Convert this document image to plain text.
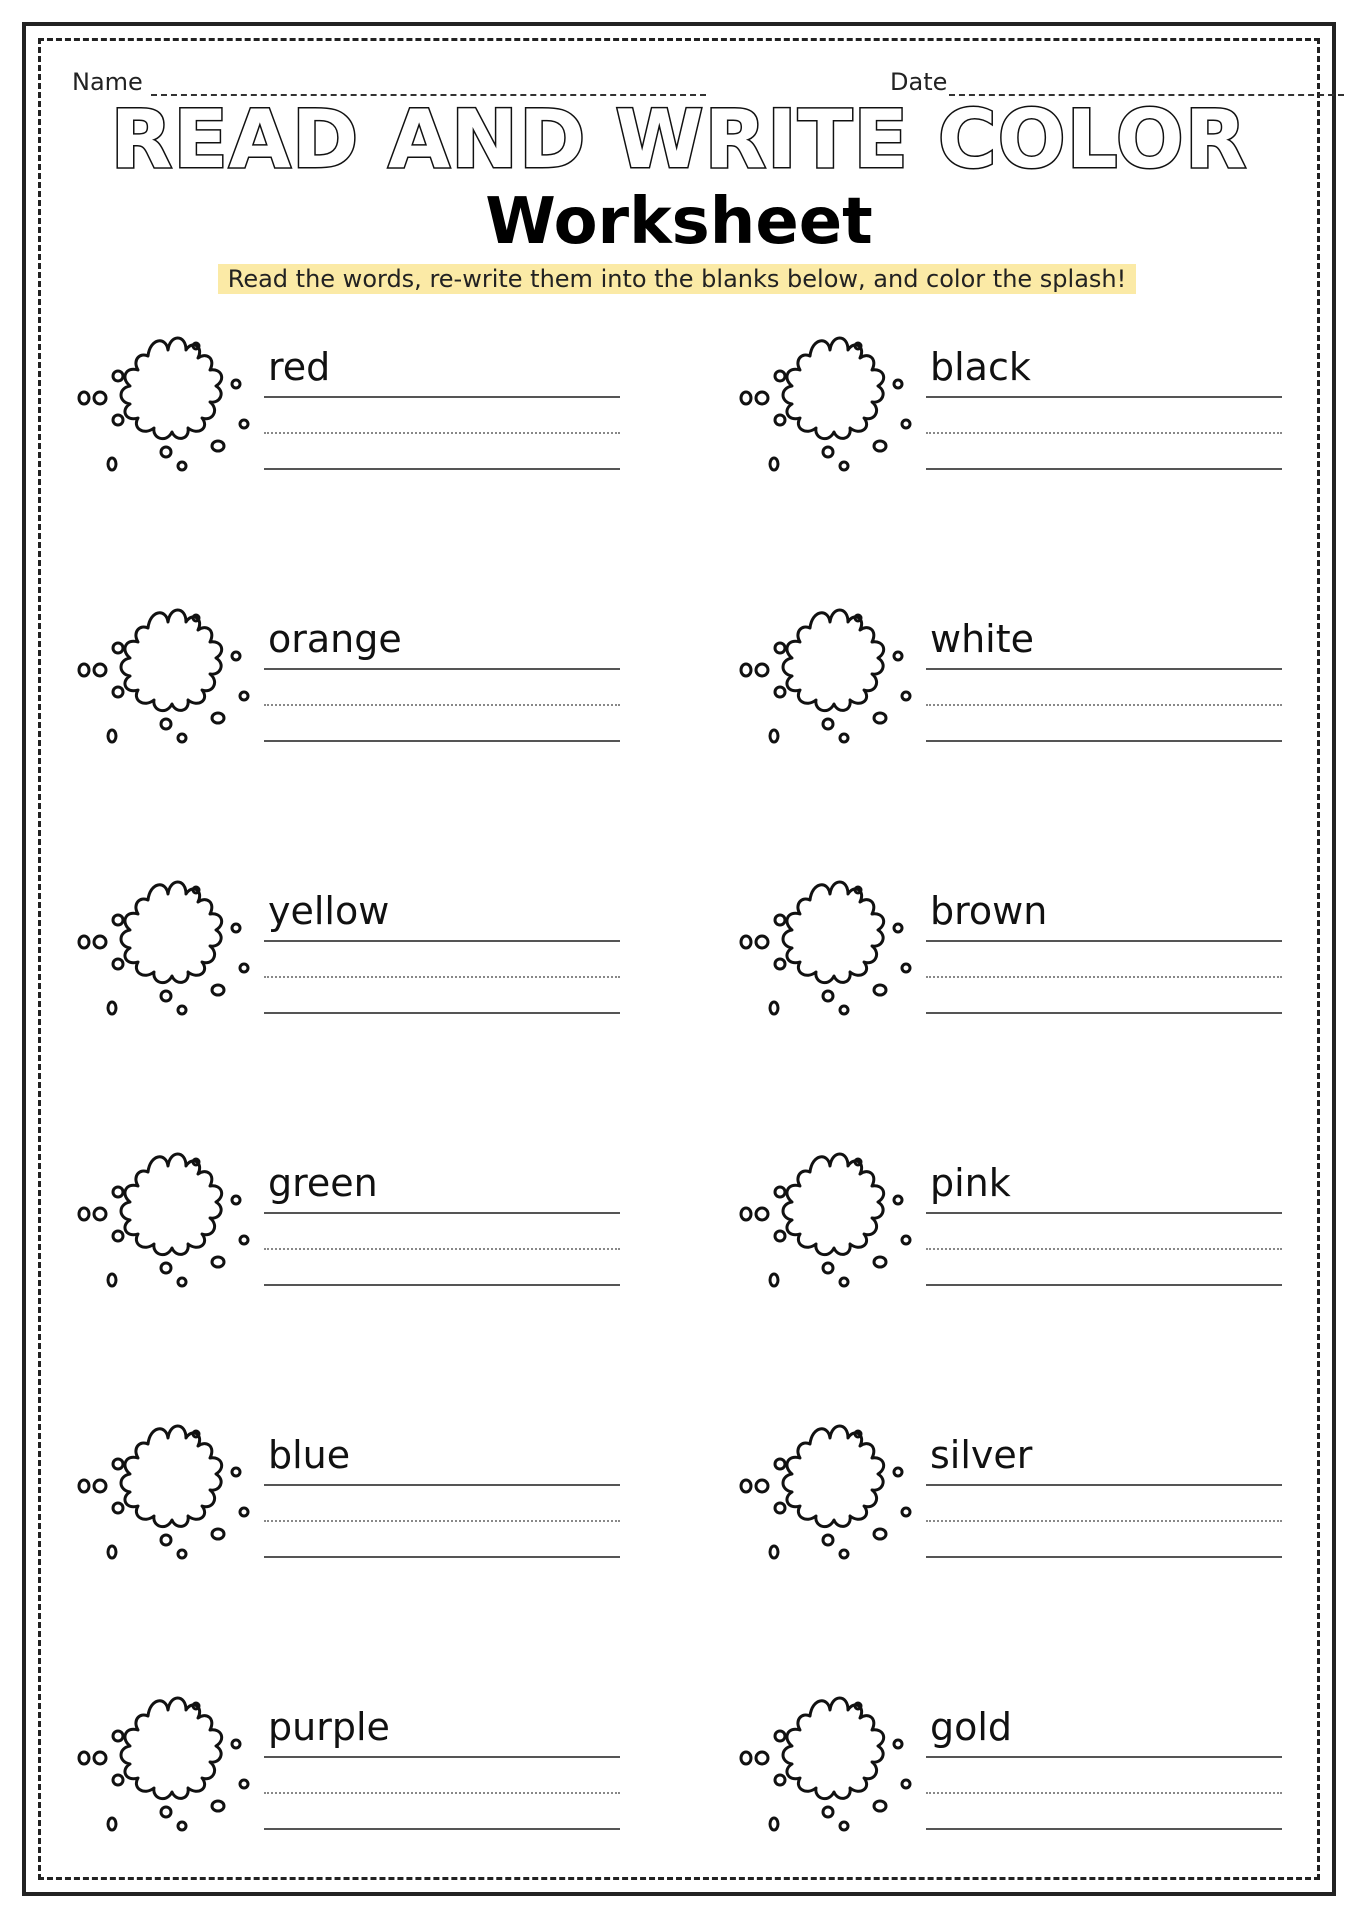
Name	Date
READ AND WRITE COLOR
Worksheet
Read the words, re-write them into the blanks below, and color the splash!
red
orange
yellow
green
blue
purple
black
white
brown
pink
silver
gold
